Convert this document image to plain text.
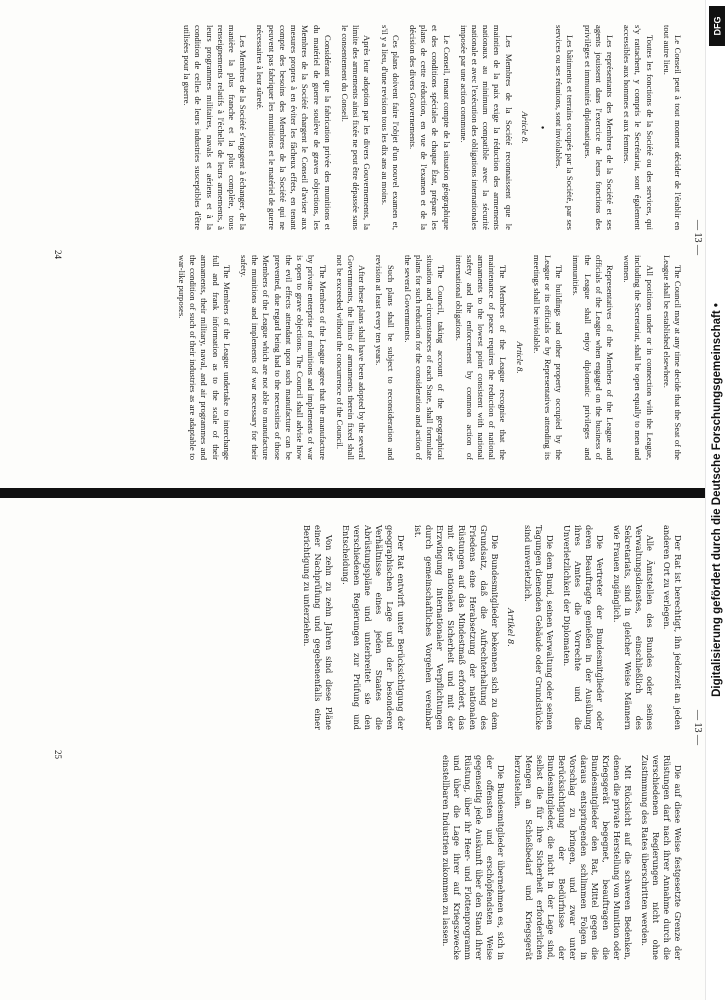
— 13 —

Le Conseil peut à tout moment décider de l'établir en tout autre lieu.

Toutes les fonctions de la Société ou des services, qui s'y rattachent, y compris le Secrétariat, sont également accessibles aux hommes et aux femmes.

Les représentants des Membres de la Société et ses agents jouissent dans l'exercice de leurs fonctions des privilèges et immunités diplomatiques.

Les bâtiments et terrains occupés par la Société, par ses services ou ses réunions, sont inviolables.

•

Article 8.

Les Membres de la Société reconnaissent que le maintien de la paix exige la réduction des armements nationaux au minimum compatible avec la sécurité nationale et avec l'exécution des obligations internationales imposée par une action commune.

Le Conseil, tenant compte de la situation géographique et des conditions spéciales de chaque État, prépare les plans de cette réduction, en vue de l'examen et de la décision des divers Gouvernements.

Ces plans doivent faire l'objet d'un nouvel examen et, s'il y a lieu, d'une revision tous les dix ans au moins.

Après leur adoption par les divers Gouvernements, la limite des armements ainsi fixée ne peut être dépassée sans le consentement du Conseil.

Considérant que la fabrication privée des munitions et du matériel de guerre soulève de graves objections, les Membres de la Société chargent le Conseil d'aviser aux mesures propres à en éviter les fâcheux effets, en tenant compte des besoins des Membres de la Société qui ne peuvent pas fabriquer les munitions et le matériel de guerre nécessaires à leur sûreté.

Les Membres de la Société s'engagent à échanger, de la manière la plus franche et la plus complète, tous renseignements relatifs à l'échelle de leurs armements, à leurs programmes militaires, navals et aériens et à la condition de celles de leurs industries susceptibles d'être utilisées pour la guerre.

The Council may at any time decide that the Seat of the League shall be established elsewhere.

All positions under or in connection with the League, including the Secretariat, shall be open equally to men and women.

Representatives of the Members of the League and officials of the League when engaged on the business of the League shall enjoy diplomatic privileges and immunities.

The buildings and other property occupied by the League or its officials or by Representatives attending its meetings shall be inviolable.

Article 8.

The Members of the League recognise that the maintenance of peace requires the reduction of national armaments to the lowest point consistent with national safety and the enforcement by common action of international obligations.

The Council, taking account of the geographical situation and circumstances of each State, shall formulate plans for such reduction for the consideration and action of the several Governments.

Such plans shall be subject to reconsideration and revision at least every ten years.

After these plans shall have been adopted by the several Governments, the limits of armaments therein fixed shall not be exceeded without the concurrence of the Council.

The Members of the League agree that the manufacture by private enterprise of munitions and implements of war is open to grave objections. The Council shall advise how the evil effects attendant upon such manufacture can be prevented, due regard being had to the necessities of those Members of the League which are not able to manufacture the munitions and implements of war necessary for their safety.

The Members of the League undertake to interchange full and frank information as to the scale of their armaments, their military, naval, and air programmes and the condition of such of their industries as are adaptable to war-like purposes.

24
— 13 —

Der Rat ist berechtigt, ihn jederzeit an jeden anderen Ort zu verlegen.

Alle Ämtstellen des Bundes oder seines Verwaltungsdienstes, einschließlich des Sekretariats, sind in gleicher Weise Männern wie Frauen zugänglich.

Die Vertreter der Bundesmitglieder oder deren Beauftragte genießen in der Ausübung ihres Amtes die Vorrechte und die Unverletzlichkeit der Diplomaten.

Die dem Bund, seinen Verwaltung oder seinen Tagungen dienenden Gebäude oder Grundstücke sind unverletzlich.

Artikel 8.

Die Bundesmitglieder bekennen sich zu dem Grundsatz, daß die Aufrechterhaltung des Friedens eine Herabsetzung der nationalen Rüstungen auf das Mindestmaß erfordert, das mit der nationalen Sicherheit und mit der Erzwingung internationaler Verpflichtungen durch gemeinschaftliches Vorgehen vereinbar ist.

Der Rat entwirft unter Berücksichtigung der geographischen Lage und der besonderen Verhältnisse eines jeden Staates die Abrüstungspläne und unterbreitet sie den verschiedenen Regierungen zur Prüfung und Entscheidung.

Von zehn zu zehn Jahren sind diese Pläne einer Nachprüfung und gegebenenfalls einer Berichtigung zu unterziehen.

Die auf diese Weise festgesetzte Grenze der Rüstungen darf nach ihrer Annahme durch die verschiedenen Regierungen nicht ohne Zustimmung des Rates überschritten werden.

Mit Rücksicht auf die schweren Bedenken, denen die private Herstellung von Munition oder Kriegsgerät begegnet, beauftragen die Bundesmitglieder den Rat, Mittel gegen die daraus entspringenden schlimmen Folgen in Vorschlag zu bringen, und zwar unter Berücksichtigung der Bedürfnisse der Bundesmitglieder, die nicht in der Lage sind, selbst die für ihre Sicherheit erforderlichen Mengen an Schießbedarf und Kriegsgerät herzustellen.

Die Bundesmitglieder übernehmen es, sich in der offensten und erschöpfendsten Weise gegenseitig jede Auskunft über den Stand ihrer Rüstung, über ihr Heer- und Flottenprogramm und über die Lage ihrer auf Kriegszwecke einstellbaren Industrien zukommen zu lassen.

25
DFG
Digitalisierung gefördert durch die Deutsche Forschungsgemeinschaft •
